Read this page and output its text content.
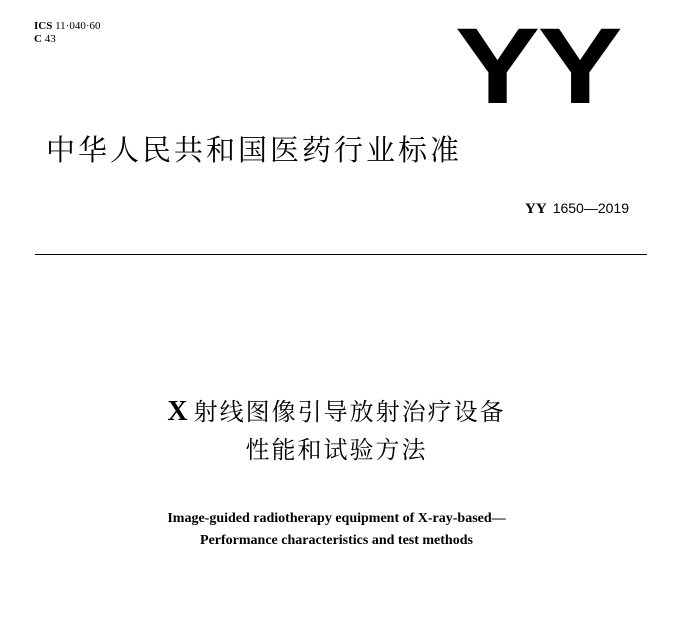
ICS 11·040·60
C 43	YY
中华人民共和国医药行业标准
YY 1650—2019
X 射线图像引导放射治疗设备
性能和试验方法
Image-guided radiotherapy equipment of X-ray-based—
Performance characteristics and test methods
